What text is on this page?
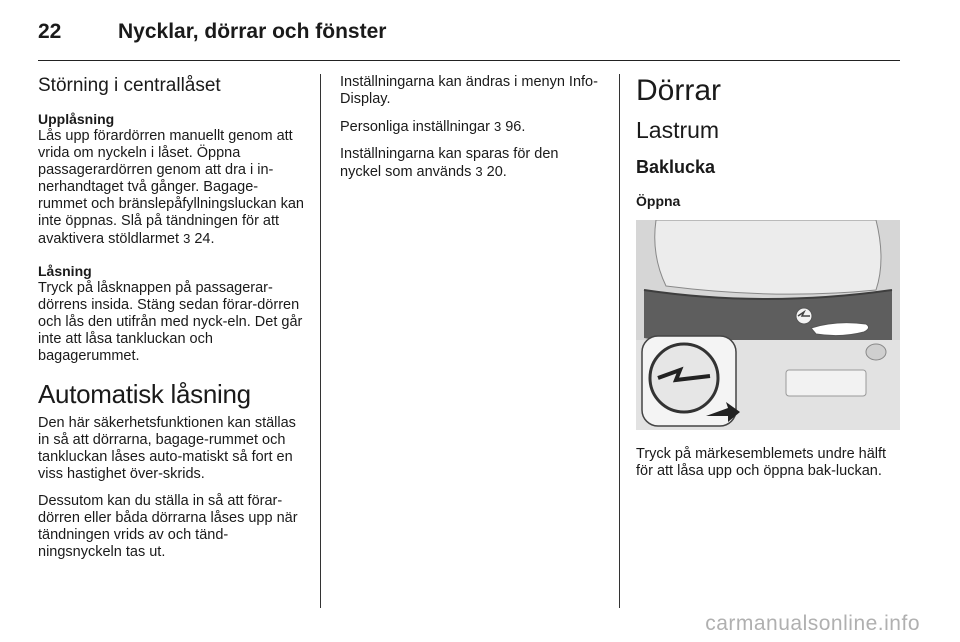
22	Nycklar, dörrar och fönster
Störning i centrallåset
Upplåsning

Lås upp förardörren manuellt genom att vrida om nyckeln i låset. Öppna passagerardörren genom att dra i in-nerhandtaget två gånger. Bagage-rummet och bränslepåfyllningsluckan kan inte öppnas. Slå på tändningen för att avaktivera stöldlarmet 3 24.

Låsning

Tryck på låsknappen på passagerar-dörrens insida. Stäng sedan förar-dörren och lås den utifrån med nyck-eln. Det går inte att låsa tankluckan och bagagerummet.

Automatisk låsning

Den här säkerhetsfunktionen kan ställas in så att dörrarna, bagage-rummet och tankluckan låses auto-matiskt så fort en viss hastighet över-skrids.

Dessutom kan du ställa in så att förar-dörren eller båda dörrarna låses upp när tändningen vrids av och tänd-ningsnyckeln tas ut.

Inställningarna kan ändras i menyn Info-Display.

Personliga inställningar 3 96.

Inställningarna kan sparas för den nyckel som används 3 20.

Dörrar
Lastrum
Baklucka
Öppna

Tryck på märkesemblemets undre hälft för att låsa upp och öppna bak-luckan.

carmanualsonline.info
